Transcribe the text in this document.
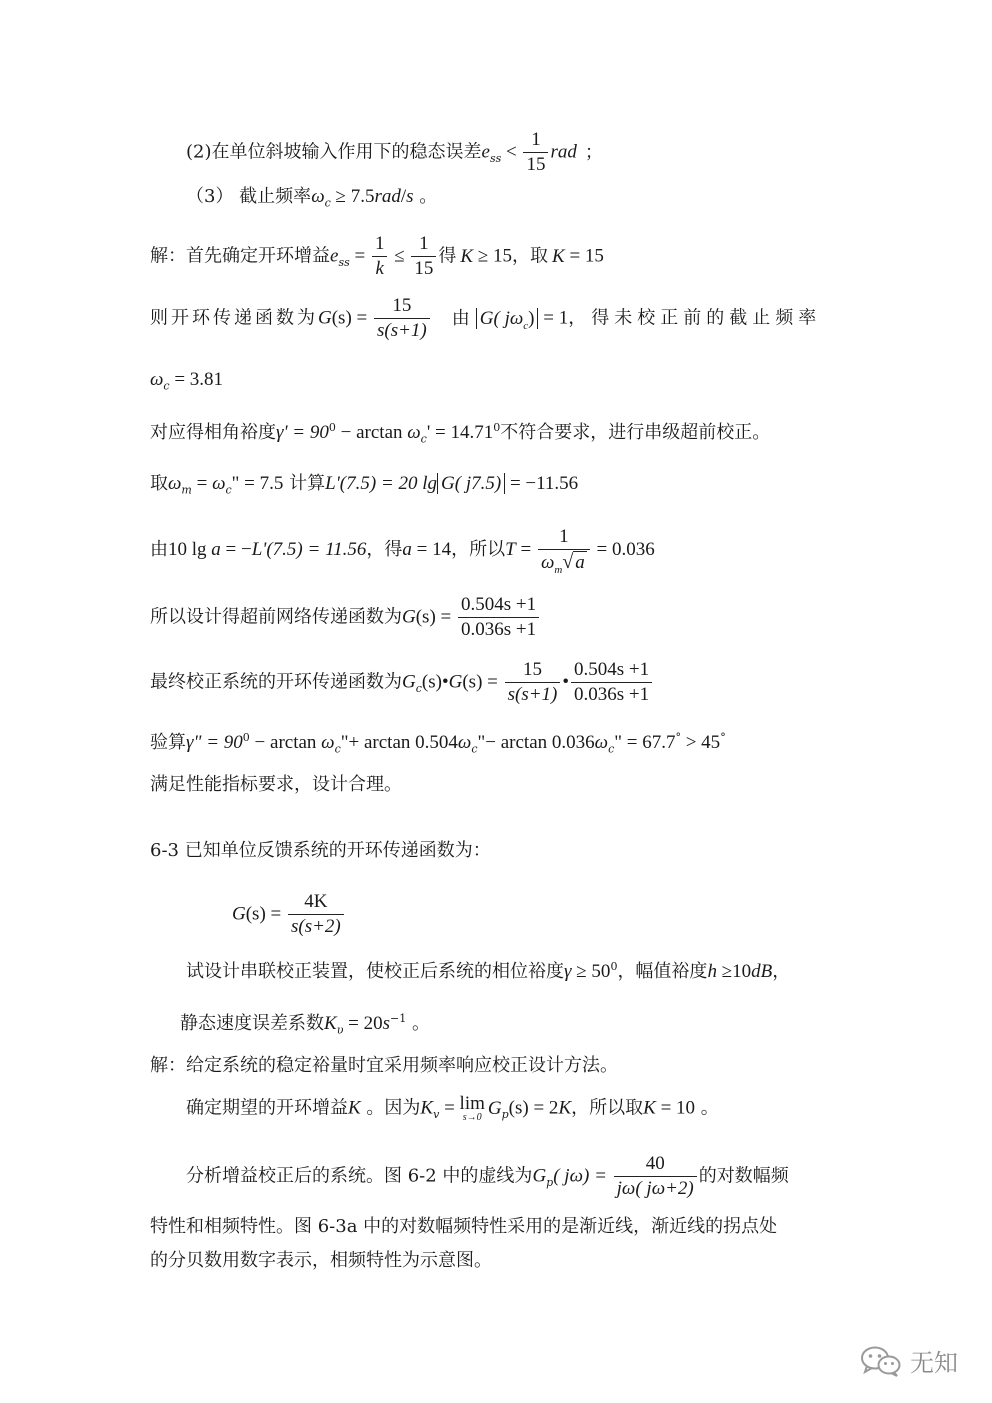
(2)在单位斜坡输入作用下的稳态误差$e_{ss} < \frac{1}{15}$ rad ；
（3） 截止频率$\omega_c \ge 7.5rad/s$ 。
解：首先确定开环增益$e_{ss} = \frac{1}{k} \le \frac{1}{15}$ 得 K ≥ 15，取 K = 15
则开环传递函数为$G(s) = \frac{15}{s(s+1)}$ 由 G( $j\omega_c) = 1$，得未校正前的截止频率
$\omega_c = 3.81$
对应得相角裕度$\gamma' = 90^0 - \arctan \omega_c' = 14.71^0$不符合要求，进行串级超前校正。
取$\omega_m = \omega_c$" = 7.5 计算L'(7.5) = 20 lg G( j7.5) = −11.56
由10 lg a = −L'(7.5) = 11.56，得a = 14，所以$T = \frac{1}{\omega_m√ a} = 0.036$
所以设计得超前网络传递函数为$G(s) = \frac{0.504s +1}{0.036s +1}$
最终校正系统的开环传递函数为$G_c(s)•G(s) = \frac{15}{s(s+1)}$ • $\frac{0.504s +1}{0.036s +1}$
验算γ" = $90^0 - \arctan$ $\omega_c"+ \arctan$ $0.504\omega_c"- \arctan 0.036\omega_c$" = 67.7° > 45°
满足性能指标要求，设计合理。
6-3 已知单位反馈系统的开环传递函数为：
$G(s) = \frac{4K}{s(s+2)}$
试设计串联校正装置，使校正后系统的相位裕度$\gamma \ge 50^0$，幅值裕度h ≥10dB，
静态速度误差系数$K_\upsilon = 20s^{-1}$ 。
解：给定系统的稳定裕量时宜采用频率响应校正设计方法。
确定期望的开环增益K 。因为$K_v = \lim$
s→0 $G_p(s) = 2K$，所以取K = 10 。
分析增益校正后的系统。图 6-2 中的虚线为$G_p$( $j\omega) = \frac{40}{j\omega( j\omega+2)}$ 的对数幅频
特性和相频特性。图 6-3a 中的对数幅频特性采用的是渐近线，渐近线的拐点处
的分贝数用数字表示，相频特性为示意图。
无知
